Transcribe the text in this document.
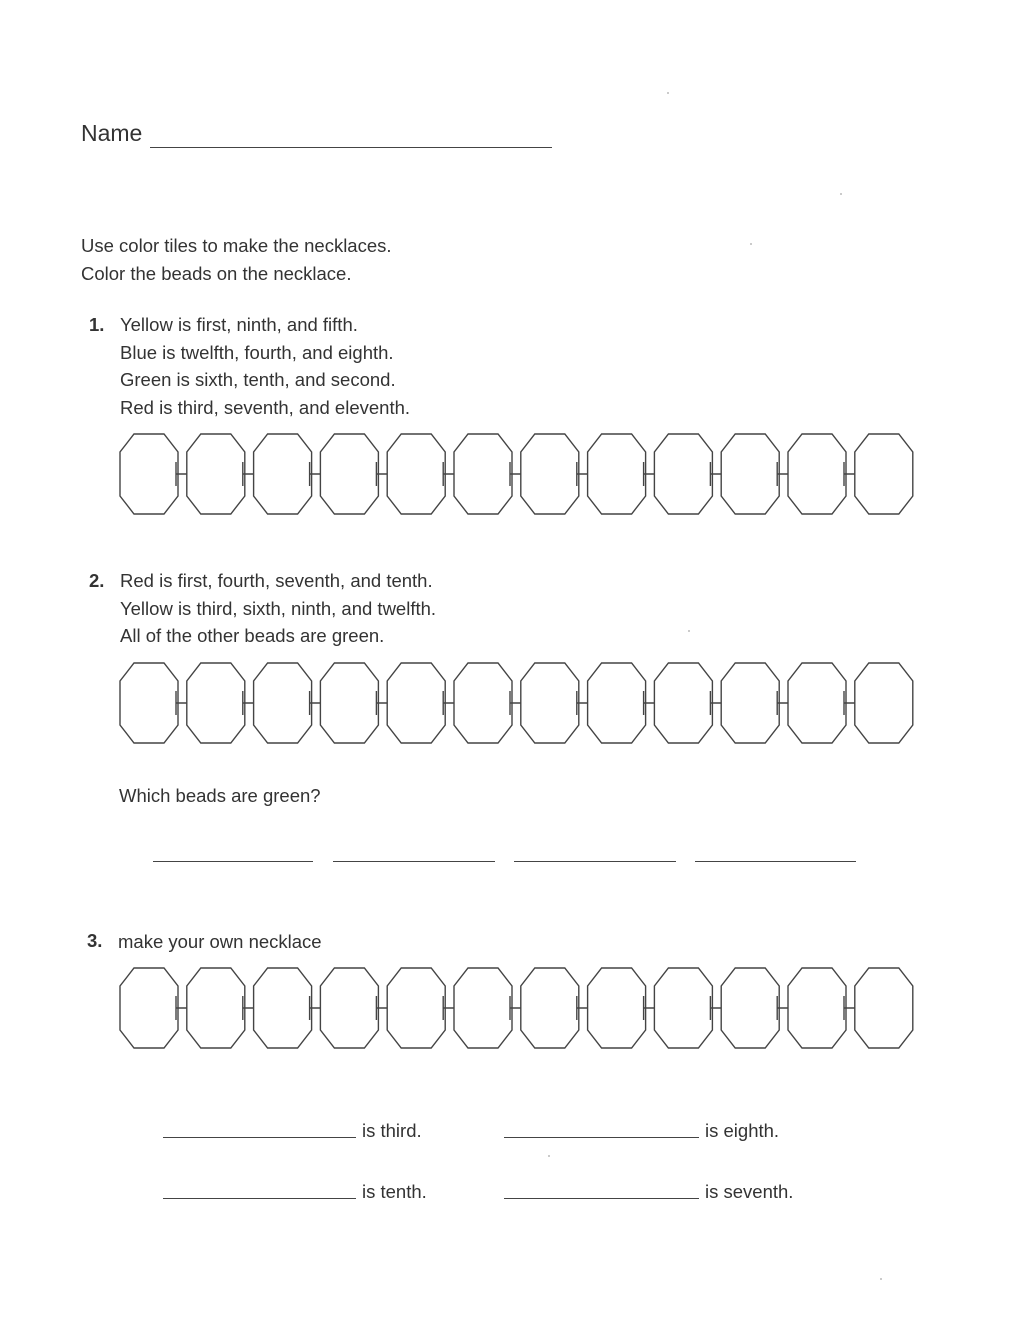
Name
Use color tiles to make the necklaces.
Color the beads on the necklace.
1. Yellow is first, ninth, and fifth.
Blue is twelfth, fourth, and eighth.
Green is sixth, tenth, and second.
Red is third, seventh, and eleventh.
2. Red is first, fourth, seventh, and tenth.
Yellow is third, sixth, ninth, and twelfth.
All of the other beads are green.
Which beads are green?
3. make your own necklace
is third.	is eighth.
is tenth.	is seventh.
